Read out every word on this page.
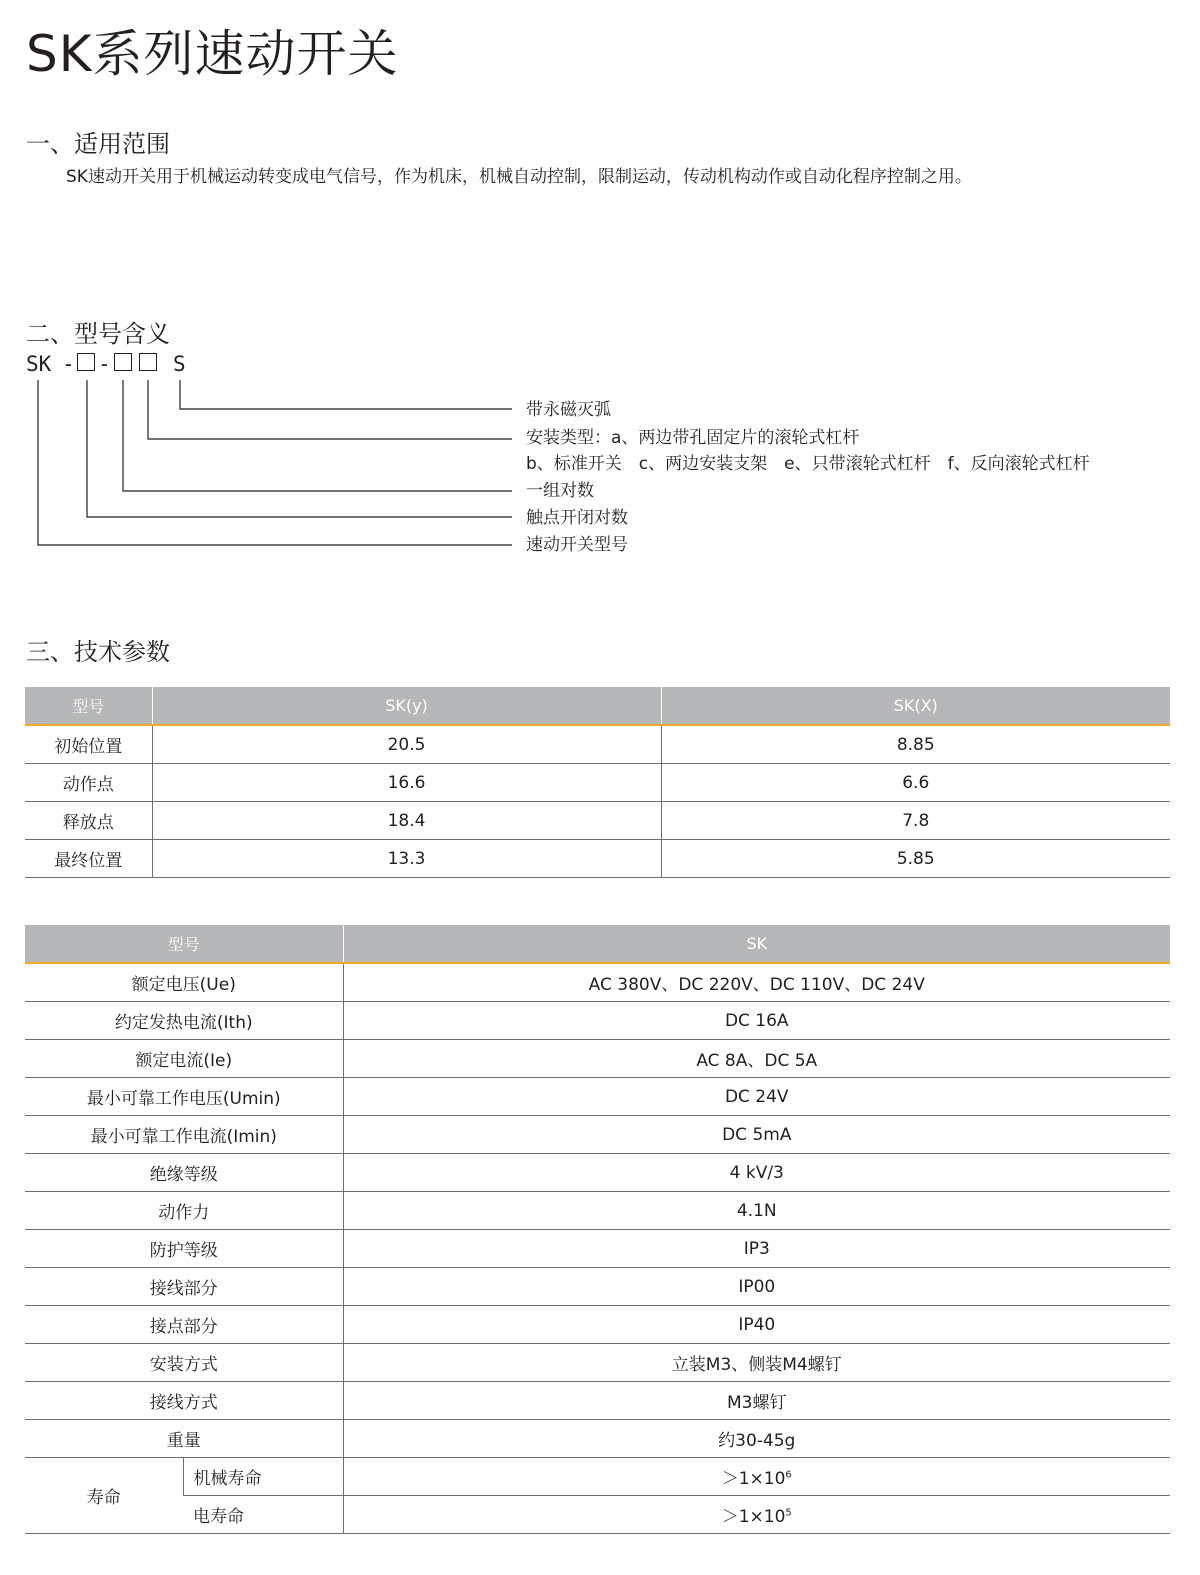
SK系列速动开关
一、适用范围

SK速动开关用于机械运动转变成电气信号，作为机床，机械自动控制，限制运动，传动机构动作或自动化程序控制之用。

二、型号含义
SK - -	S

带永磁灭弧

安装类型：a、两边带孔固定片的滚轮式杠杆

b、标准开关　c、两边安装支架　e、只带滚轮式杠杆　f、反向滚轮式杠杆

一组对数

触点开闭对数

速动开关型号

三、技术参数
型号	SK(y)	SK(X)
初始位置	20.5	8.85
动作点	16.6	6.6
释放点	18.4	7.8
最终位置	13.3	5.85
型号		SK
额定电压(Ue)		AC 380V、DC 220V、DC 110V、DC 24V
约定发热电流(Ith)		DC 16A
额定电流(Ie)		AC 8A、DC 5A
最小可靠工作电压(Umin)		DC 24V
最小可靠工作电流(Imin)		DC 5mA
绝缘等级		4 kV/3
动作力		4.1N
防护等级		IP3
接线部分		IP00
接点部分		IP40
安装方式		立装M3、侧装M4螺钉
接线方式		M3螺钉
重量		约30-45g
寿命	机械寿命	$>1\times 10^6$
	电寿命	$>1\times 10^5$
